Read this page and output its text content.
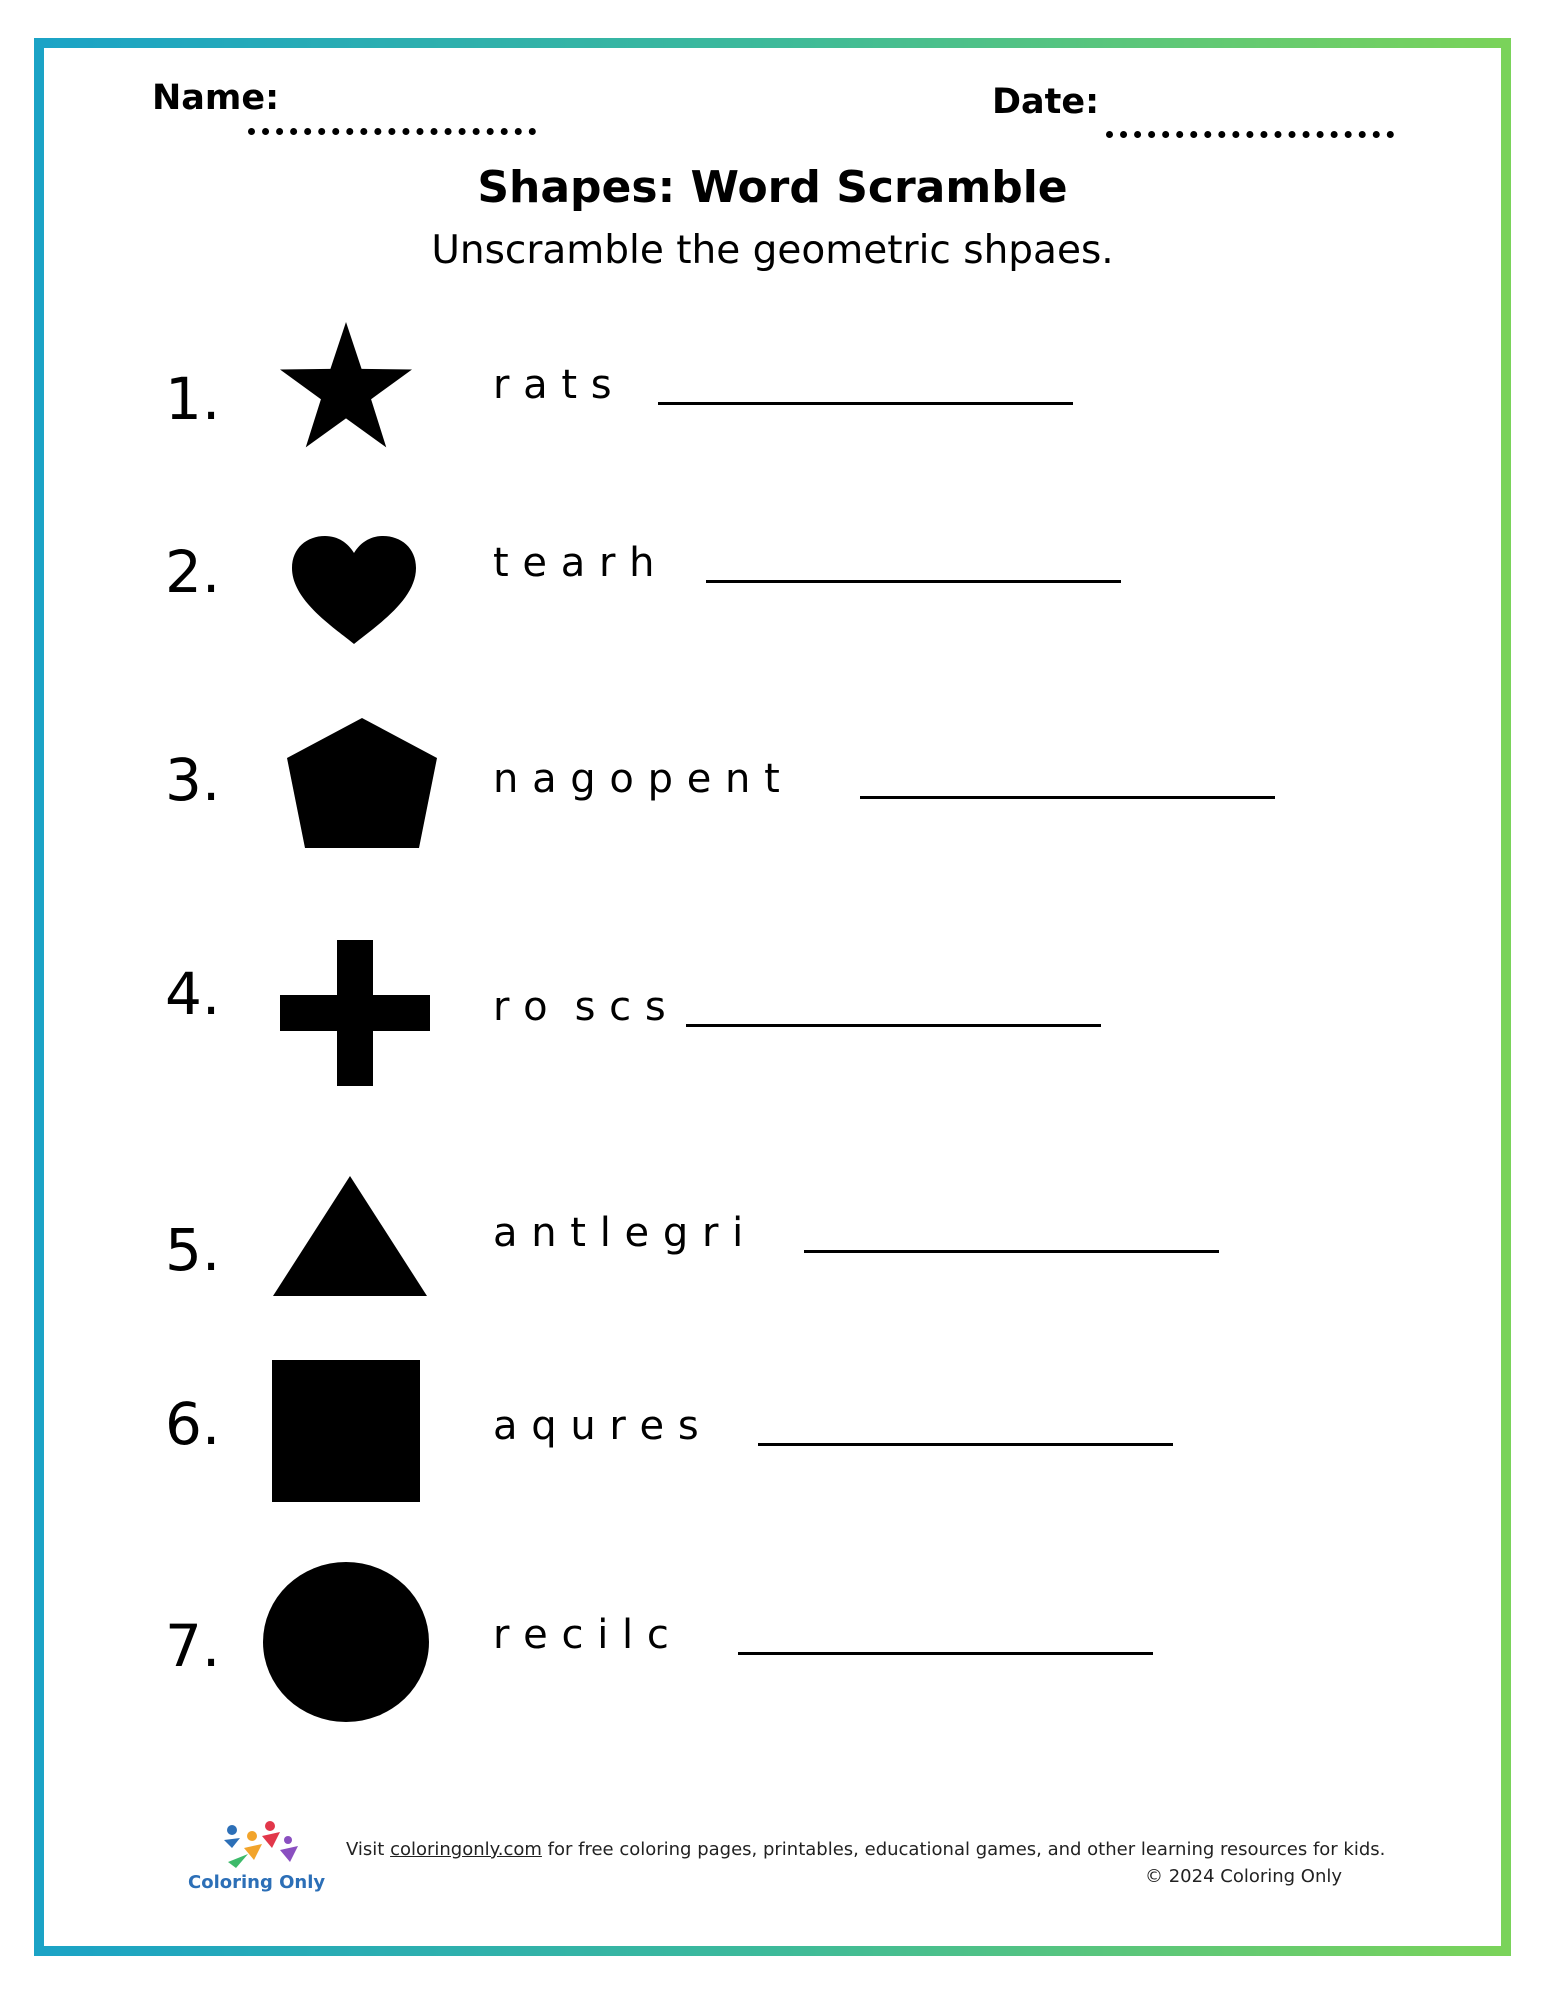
Name:	Date:
Shapes: Word Scramble
Unscramble the geometric shpaes.
1.	r a t s
2.	t e a r h
3.	n a g o p e n t
4.	r o  s c s
5.	a n t l e g r i
6.	a q u r e s
7.	r e c i l c
Coloring Only
Visit coloringonly.com for free coloring pages, printables, educational games, and other learning resources for kids.
© 2024 Coloring Only
